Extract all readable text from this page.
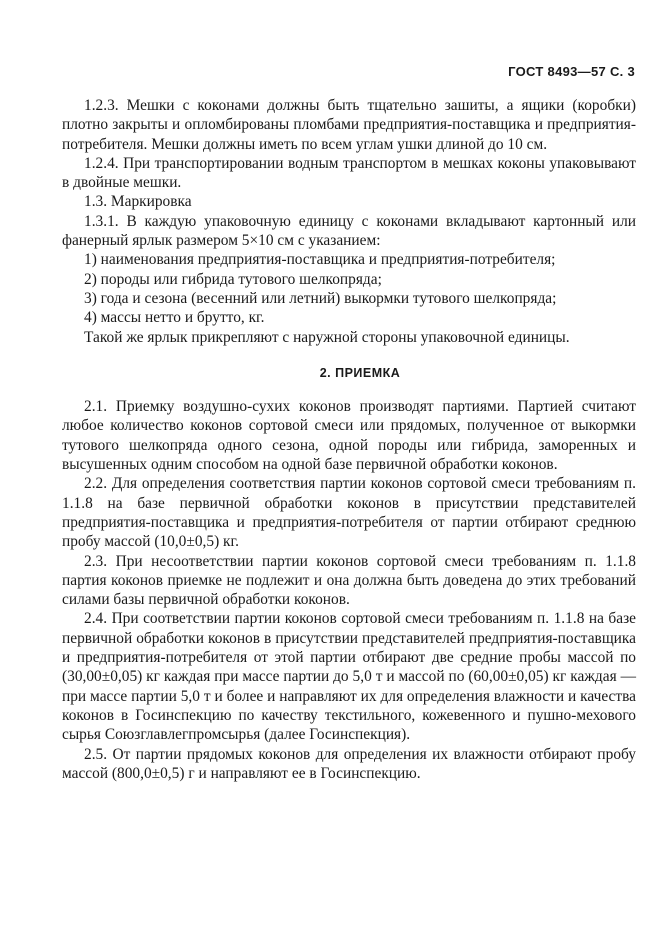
ГОСТ 8493—57 С. 3

1.2.3. Мешки с коконами должны быть тщательно зашиты, а ящики (коробки) плотно закрыты и опломбированы пломбами предприятия-поставщика и предприятия-потребителя. Мешки должны иметь по всем углам ушки длиной до 10 см.

1.2.4. При транспортировании водным транспортом в мешках коконы упаковывают в двойные мешки.

1.3. Маркировка

1.3.1. В каждую упаковочную единицу с коконами вкладывают картонный или фанерный ярлык размером 5×10 см с указанием:

1) наименования предприятия-поставщика и предприятия-потребителя;

2) породы или гибрида тутового шелкопряда;

3) года и сезона (весенний или летний) выкормки тутового шелкопряда;

4) массы нетто и брутто, кг.

Такой же ярлык прикрепляют с наружной стороны упаковочной единицы.

2. ПРИЕМКА

2.1. Приемку воздушно-сухих коконов производят партиями. Партией считают любое количество коконов сортовой смеси или прядомых, полученное от выкормки тутового шелкопряда одного сезона, одной породы или гибрида, заморенных и высушенных одним способом на одной базе первичной обработки коконов.

2.2. Для определения соответствия партии коконов сортовой смеси требованиям п. 1.1.8 на базе первичной обработки коконов в присутствии представителей предприятия-поставщика и предприятия-потребителя от партии отбирают среднюю пробу массой (10,0±0,5) кг.

2.3. При несоответствии партии коконов сортовой смеси требованиям п. 1.1.8 партия коконов приемке не подлежит и она должна быть доведена до этих требований силами базы первичной обработки коконов.

2.4. При соответствии партии коконов сортовой смеси требованиям п. 1.1.8 на базе первичной обработки коконов в присутствии представителей предприятия-поставщика и предприятия-потребителя от этой партии отбирают две средние пробы массой по (30,00±0,05) кг каждая при массе партии до 5,0 т и массой по (60,00±0,05) кг каждая — при массе партии 5,0 т и более и направляют их для определения влажности и качества коконов в Госинспекцию по качеству текстильного, кожевенного и пушно-мехового сырья Союзглавлегпромсырья (далее Госинспекция).

2.5. От партии прядомых коконов для определения их влажности отбирают пробу массой (800,0±0,5) г и направляют ее в Госинспекцию.
